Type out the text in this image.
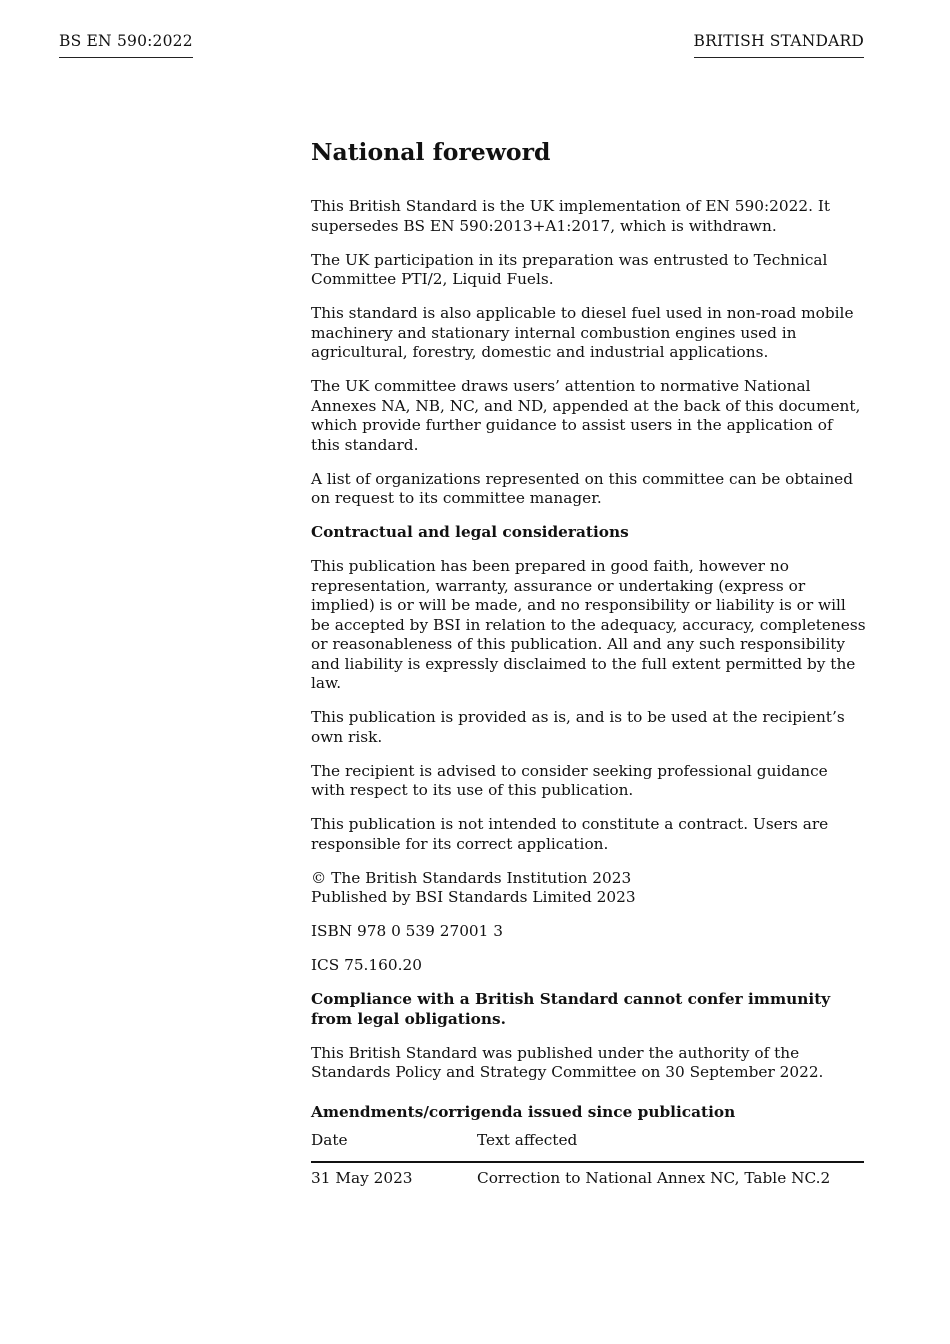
BS EN 590:2022	BRITISH STANDARD
National foreword

This British Standard is the UK implementation of EN 590:2022. It supersedes BS EN 590:2013+A1:2017, which is withdrawn.

The UK participation in its preparation was entrusted to Technical Committee PTI/2, Liquid Fuels.

This standard is also applicable to diesel fuel used in non-road mobile machinery and stationary internal combustion engines used in agricultural, forestry, domestic and industrial applications.

The UK committee draws users’ attention to normative National Annexes NA, NB, NC, and ND, appended at the back of this document, which provide further guidance to assist users in the application of this standard.

A list of organizations represented on this committee can be obtained on request to its committee manager.

Contractual and legal considerations

This publication has been prepared in good faith, however no representation, warranty, assurance or undertaking (express or implied) is or will be made, and no responsibility or liability is or will be accepted by BSI in relation to the adequacy, accuracy, completeness or reasonableness of this publication. All and any such responsibility and liability is expressly disclaimed to the full extent permitted by the law.

This publication is provided as is, and is to be used at the recipient’s own risk.

The recipient is advised to consider seeking professional guidance with respect to its use of this publication.

This publication is not intended to constitute a contract. Users are responsible for its correct application.

© The British Standards Institution 2023
Published by BSI Standards Limited 2023

ISBN 978 0 539 27001 3

ICS 75.160.20

Compliance with a British Standard cannot confer immunity from legal obligations.

This British Standard was published under the authority of the Standards Policy and Strategy Committee on 30 September 2022.

Amendments/corrigenda issued since publication
Date	Text affected
31 May 2023	Correction to National Annex NC, Table NC.2
